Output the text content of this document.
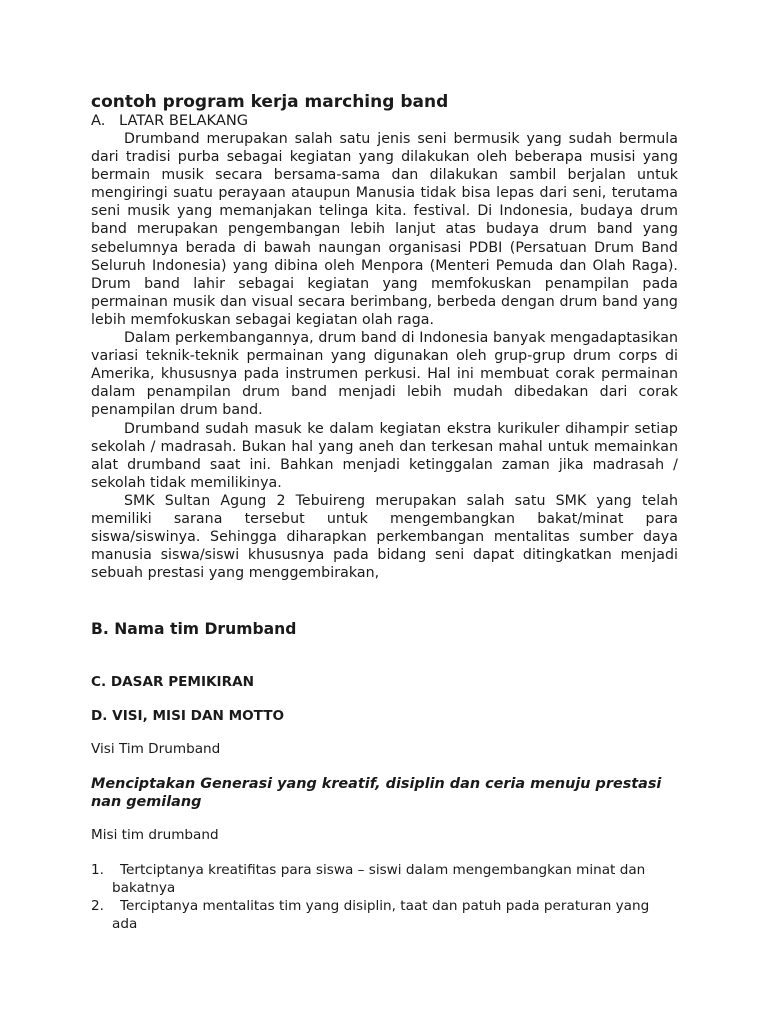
contoh program kerja marching band

A. LATAR BELAKANG

Drumband merupakan salah satu jenis seni bermusik yang sudah bermula dari tradisi purba sebagai kegiatan yang dilakukan oleh beberapa musisi yang bermain musik secara bersama-sama dan dilakukan sambil berjalan untuk mengiringi suatu perayaan ataupun Manusia tidak bisa lepas dari seni, terutama seni musik yang memanjakan telinga kita. festival. Di Indonesia, budaya drum band merupakan pengembangan lebih lanjut atas budaya drum band yang sebelumnya berada di bawah naungan organisasi PDBI (Persatuan Drum Band Seluruh Indonesia) yang dibina oleh Menpora (Menteri Pemuda dan Olah Raga). Drum band lahir sebagai kegiatan yang memfokuskan penampilan pada permainan musik dan visual secara berimbang, berbeda dengan drum band yang lebih memfokuskan sebagai kegiatan olah raga.

Dalam perkembangannya, drum band di Indonesia banyak mengadaptasikan variasi teknik-teknik permainan yang digunakan oleh grup-grup drum corps di Amerika, khususnya pada instrumen perkusi. Hal ini membuat corak permainan dalam penampilan drum band menjadi lebih mudah dibedakan dari corak penampilan drum band.

Drumband sudah masuk ke dalam kegiatan ekstra kurikuler dihampir setiap sekolah / madrasah. Bukan hal yang aneh dan terkesan mahal untuk memainkan alat drumband saat ini. Bahkan menjadi ketinggalan zaman jika madrasah / sekolah tidak memilikinya.

SMK Sultan Agung 2 Tebuireng merupakan salah satu SMK yang telah memiliki sarana tersebut untuk mengembangkan bakat/minat para siswa/siswinya. Sehingga diharapkan perkembangan mentalitas sumber daya manusia siswa/siswi khususnya pada bidang seni dapat ditingkatkan menjadi sebuah prestasi yang menggembirakan,

B. Nama tim Drumband
C. DASAR PEMIKIRAN
D. VISI, MISI DAN MOTTO

Visi Tim Drumband

Menciptakan Generasi yang kreatif, disiplin dan ceria menuju prestasi nan gemilang

Misi tim drumband

1.	Tertciptanya kreatifitas para siswa – siswi dalam mengembangkan minat dan bakatnya
2.	Terciptanya mentalitas tim yang disiplin, taat dan patuh pada peraturan yang ada
